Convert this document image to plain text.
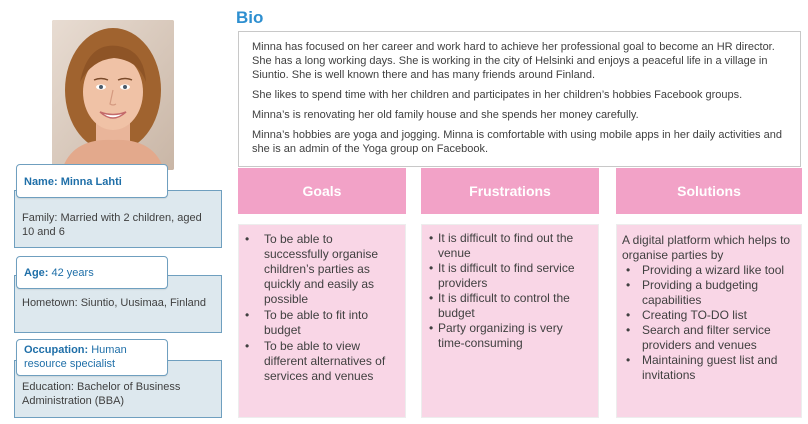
Name: Minna Lahti
Family: Married with 2 children, aged 10 and 6
Age: 42 years
Hometown: Siuntio, Uusimaa, Finland
Occupation: Human resource specialist
Education: Bachelor of Business Administration (BBA)
Bio

Minna has focused on her career and work hard to achieve her professional goal to become an HR director. She has a long working days. She is working in the city of Helsinki and enjoys a peaceful life in a village in Siuntio. She is well known there and has many friends around Finland.

She likes to spend time with her children and participates in her children’s hobbies Facebook groups.

Minna’s is renovating her old family house and she spends her money carefully.

Minna’s hobbies are yoga and jogging. Minna is comfortable with using mobile apps in her daily activities and she is an admin of the Yoga group on Facebook.

Goals
• To be able to successfully organise children’s parties as quickly and easily as possible
• To be able to fit into budget
• To be able to view different alternatives of services and venues
Frustrations
• It is difficult to find out the venue
• It is difficult to find service providers
• It is difficult to control the budget
• Party organizing is very time-consuming
Solutions
A digital platform which helps to organise parties by
• Providing a wizard like tool
• Providing a budgeting capabilities
• Creating TO-DO list
• Search and filter service providers and venues
• Maintaining guest list and invitations
